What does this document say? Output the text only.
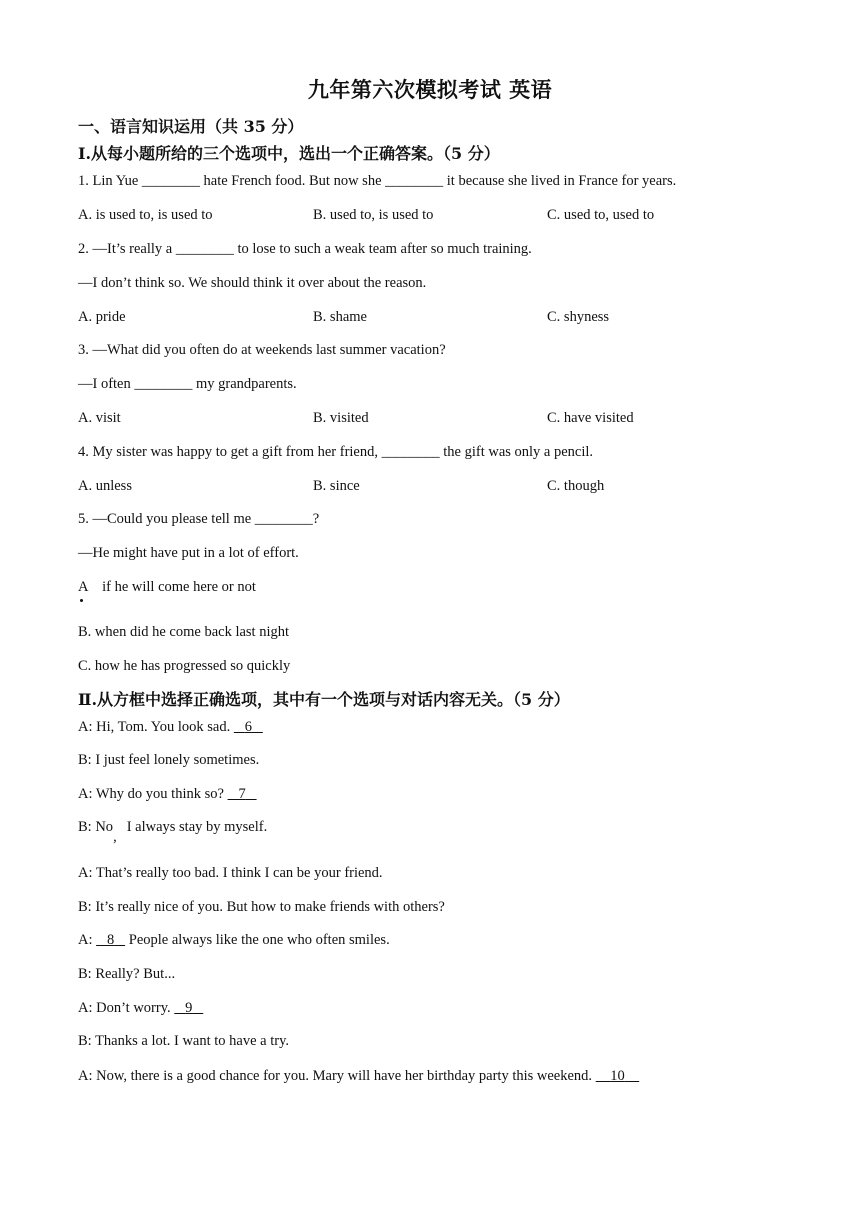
九年第六次模拟考试 英语
一、语言知识运用（共 35 分）
Ⅰ.从每小题所给的三个选项中，选出一个正确答案。（5 分）
1. Lin Yue ________ hate French food. But now she ________ it because she lived in France for years.
A. is used to, is used to	B. used to, is used to	C. used to, used to
2. —It’s really a ________ to lose to such a weak team after so much training.
—I don’t think so. We should think it over about the reason.
A. pride	B. shame	C. shyness
3. —What did you often do at weekends last summer vacation?
—I often ________ my grandparents.
A. visit	B. visited	C. have visited
4. My sister was happy to get a gift from her friend, ________ the gift was only a pencil.
A. unless	B. since	C. though
5. —Could you please tell me ________?
—He might have put in a lot of effort.
A if he will come here or not
B. when did he come back last night
C. how he has progressed so quickly
Ⅱ.从方框中选择正确选项，其中有一个选项与对话内容无关。（5 分）
A: Hi, Tom. You look sad. 6
B: I just feel lonely sometimes.
A: Why do you think so? 7
B: No,I always stay by myself.
A: That’s really too bad. I think I can be your friend.
B: It’s really nice of you. But how to make friends with others?
A: 8 People always like the one who often smiles.
B: Really? But...
A: Don’t worry. 9
B: Thanks a lot. I want to have a try.
A: Now, there is a good chance for you. Mary will have her birthday party this weekend. 10
